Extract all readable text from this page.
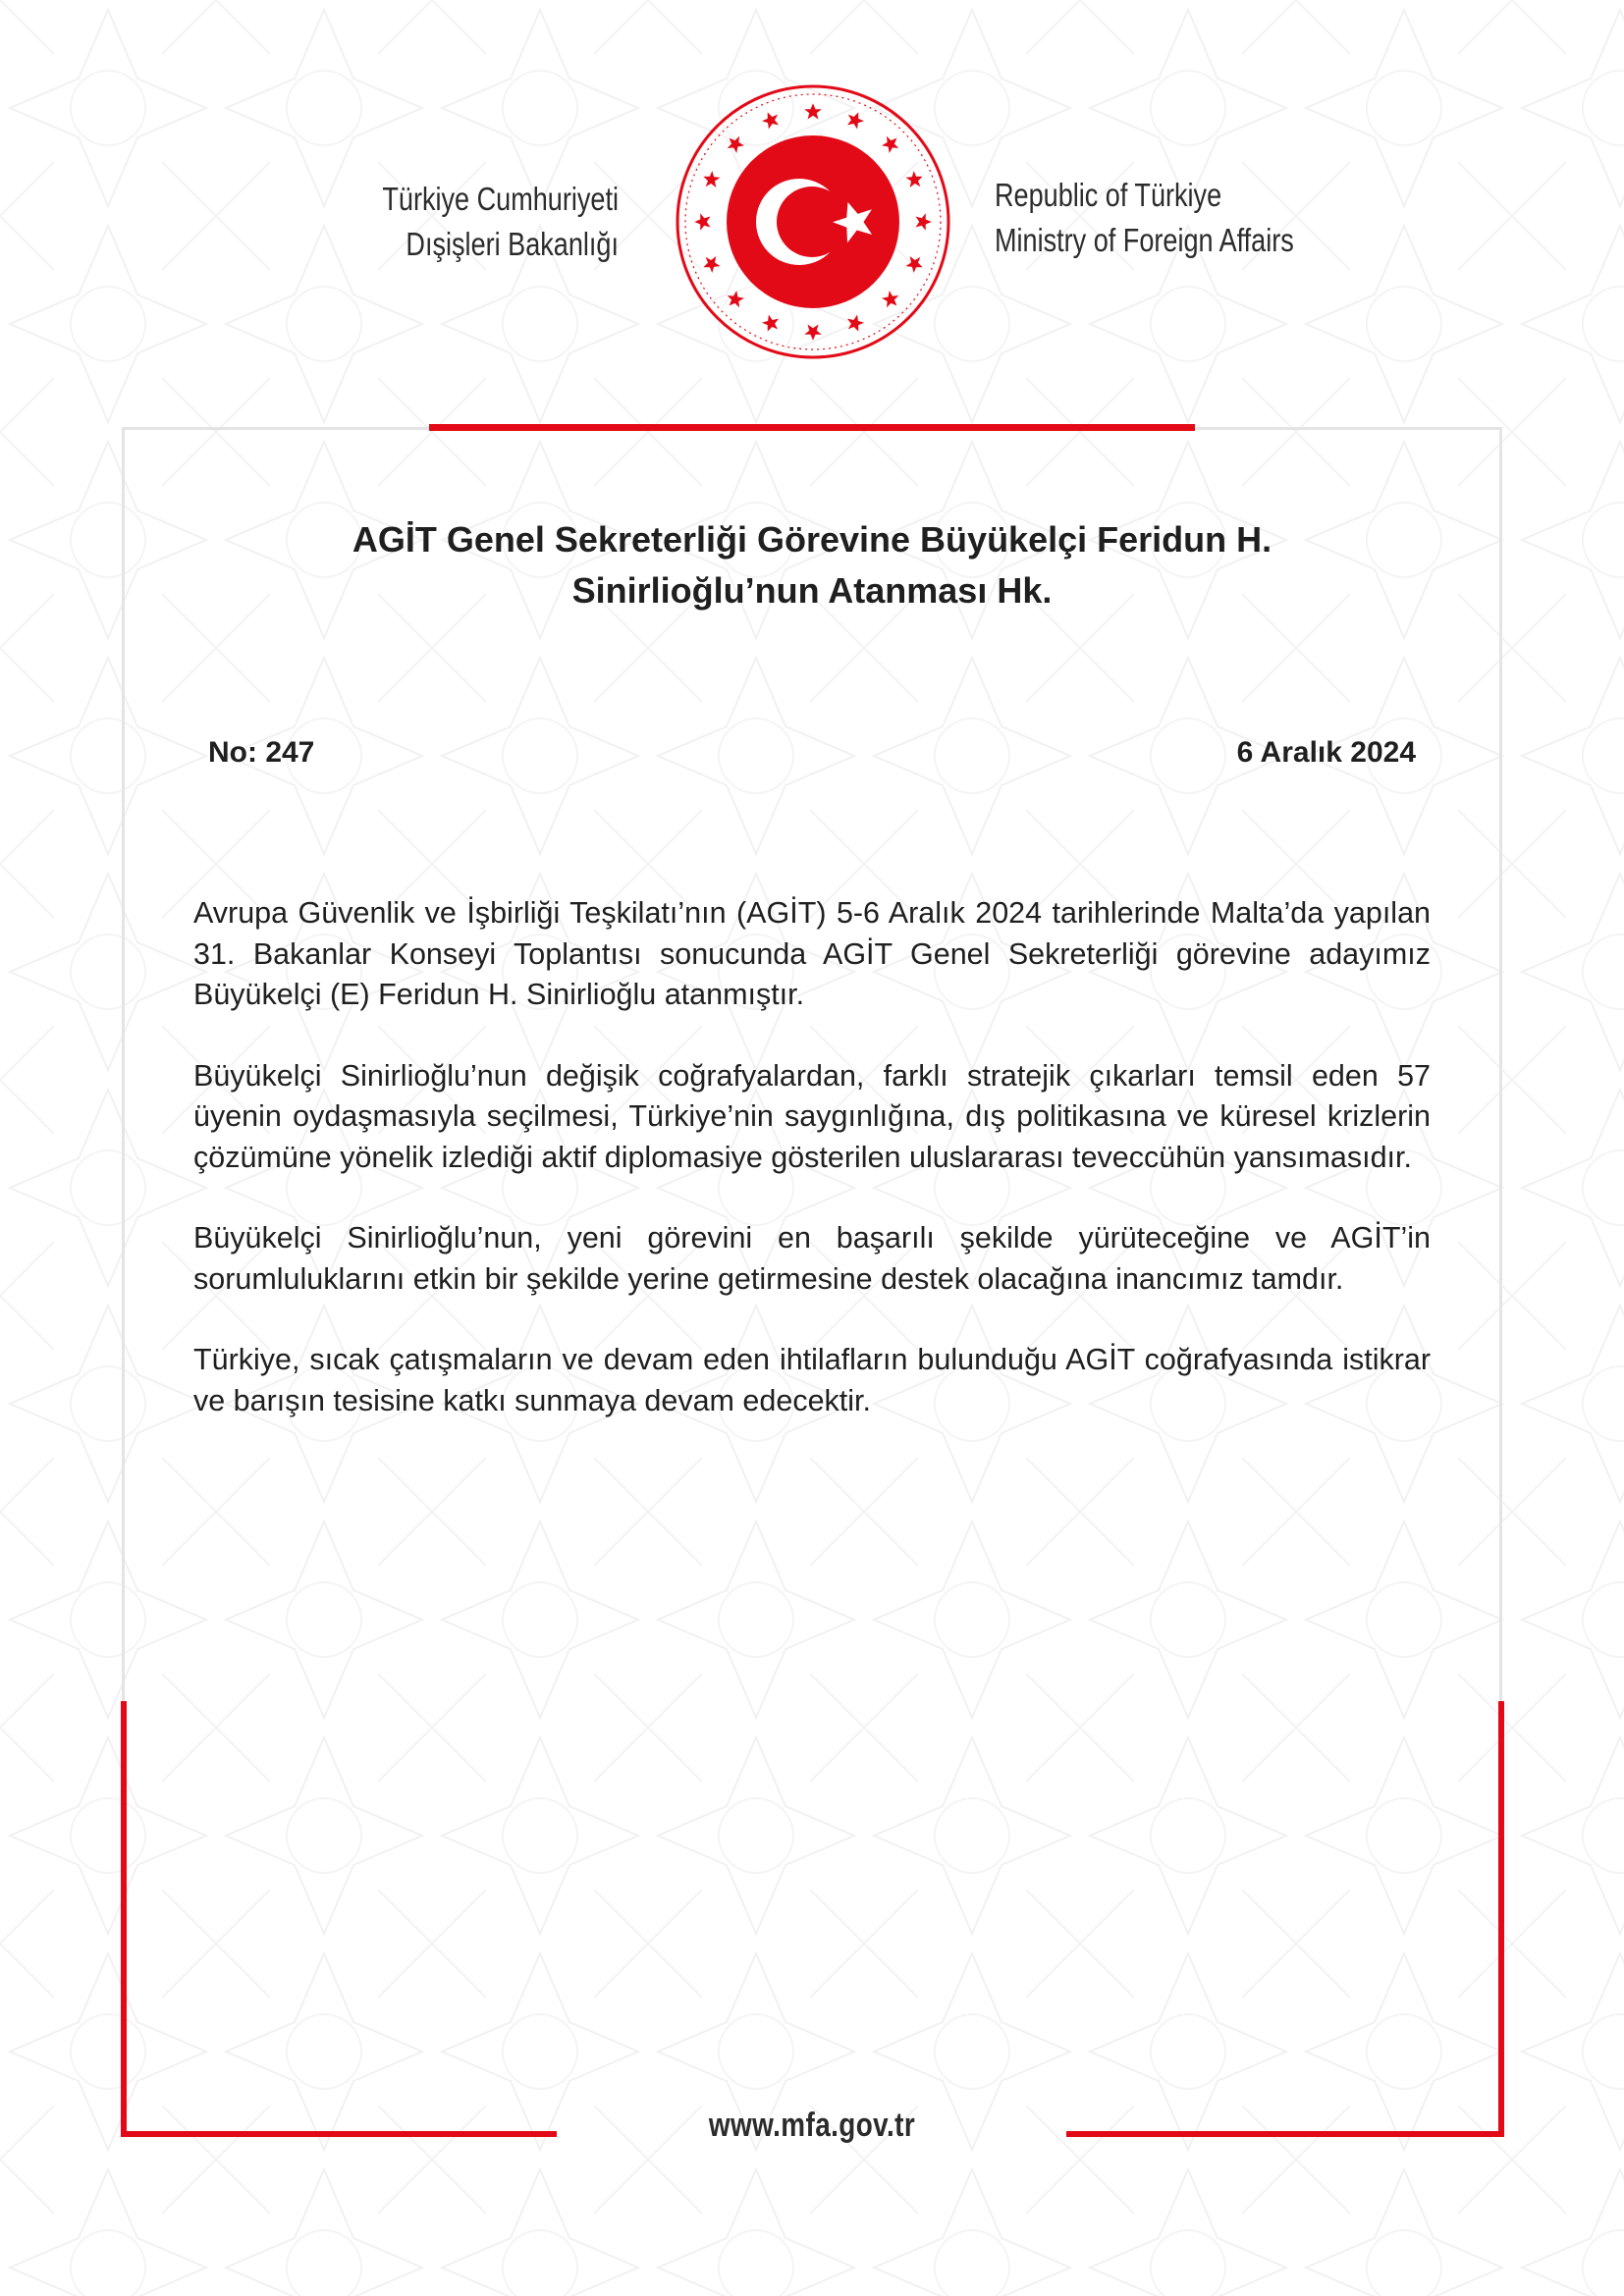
Türkiye Cumhuriyeti
Dışişleri Bakanlığı
Republic of Türkiye
Ministry of Foreign Affairs
AGİT Genel Sekreterliği Görevine Büyükelçi Feridun H.
Sinirlioğlu’nun Atanması Hk.
No: 247	6 Aralık 2024

Avrupa Güvenlik ve İşbirliği Teşkilatı’nın (AGİT) 5-6 Aralık 2024 tarihlerinde Malta’da yapılan 31. Bakanlar Konseyi Toplantısı sonucunda AGİT Genel Sekreterliği görevine adayımız Büyükelçi (E) Feridun H. Sinirlioğlu atanmıştır.

Büyükelçi Sinirlioğlu’nun değişik coğrafyalardan, farklı stratejik çıkarları temsil eden 57 üyenin oydaşmasıyla seçilmesi, Türkiye’nin saygınlığına, dış politikasına ve küresel krizlerin çözümüne yönelik izlediği aktif diplomasiye gösterilen uluslararası teveccühün yansımasıdır.

Büyükelçi Sinirlioğlu’nun, yeni görevini en başarılı şekilde yürüteceğine ve AGİT’in sorumluluklarını etkin bir şekilde yerine getirmesine destek olacağına inancımız tamdır.

Türkiye, sıcak çatışmaların ve devam eden ihtilafların bulunduğu AGİT coğrafyasında istikrar ve barışın tesisine katkı sunmaya devam edecektir.

www.mfa.gov.tr
